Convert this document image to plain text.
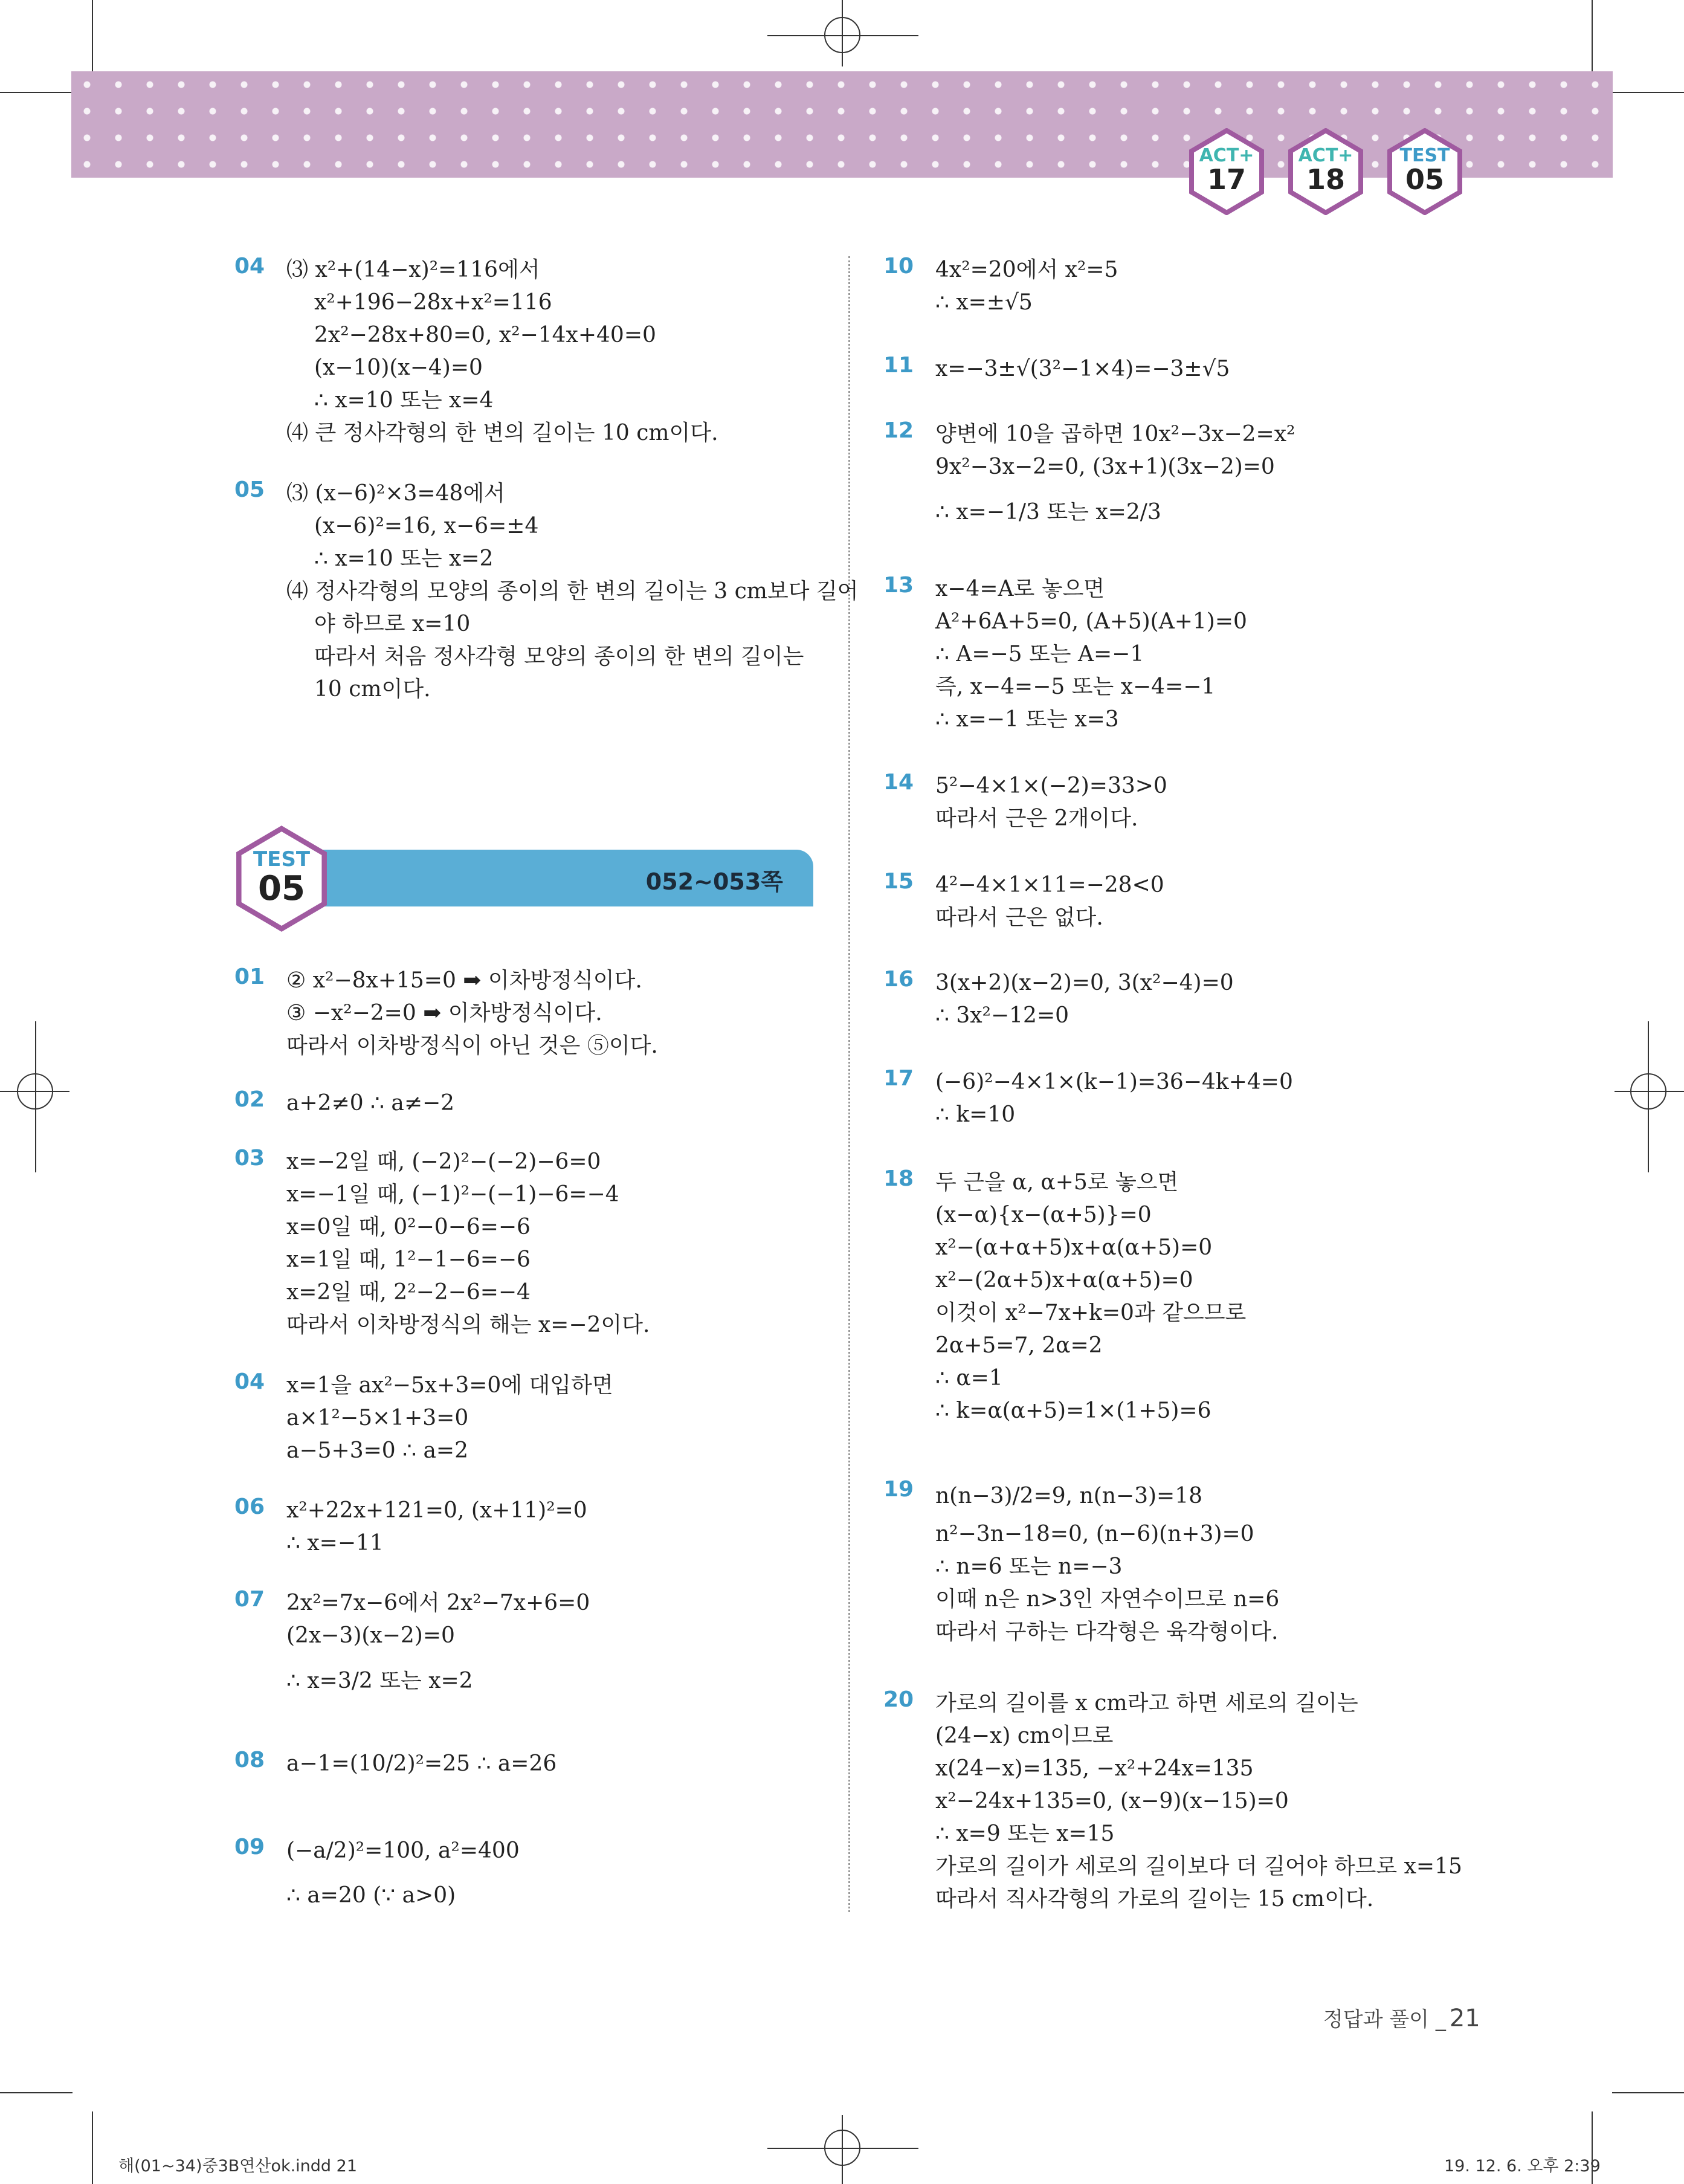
ACT+
17
ACT+
18
TEST
05
04 ⑶ x²+(14−x)²=116에서
x²+196−28x+x²=116
2x²−28x+80=0, x²−14x+40=0
(x−10)(x−4)=0
∴ x=10 또는 x=4
⑷ 큰 정사각형의 한 변의 길이는 10 cm이다.
05 ⑶ (x−6)²×3=48에서
(x−6)²=16, x−6=±4
∴ x=10 또는 x=2
⑷ 정사각형의 모양의 종이의 한 변의 길이는 3 cm보다 길어
야 하므로 x=10
따라서 처음 정사각형 모양의 종이의 한 변의 길이는
10 cm이다.
052~053쪽
TEST
05
01 ② x²−8x+15=0 ➡ 이차방정식이다.
③ −x²−2=0 ➡ 이차방정식이다.
따라서 이차방정식이 아닌 것은 ⑤이다.
02 a+2≠0 ∴ a≠−2
03 x=−2일 때, (−2)²−(−2)−6=0
x=−1일 때, (−1)²−(−1)−6=−4
x=0일 때, 0²−0−6=−6
x=1일 때, 1²−1−6=−6
x=2일 때, 2²−2−6=−4
따라서 이차방정식의 해는 x=−2이다.
04 x=1을 ax²−5x+3=0에 대입하면
a×1²−5×1+3=0
a−5+3=0 ∴ a=2
06 x²+22x+121=0, (x+11)²=0
∴ x=−11
07 2x²=7x−6에서 2x²−7x+6=0
(2x−3)(x−2)=0
∴ x=3/2 또는 x=2
08 a−1=(10/2)²=25 ∴ a=26
09 (−a/2)²=100, a²=400
∴ a=20 (∵ a>0)
10 4x²=20에서 x²=5
∴ x=±√5
11 x=−3±√(3²−1×4)=−3±√5
12 양변에 10을 곱하면 10x²−3x−2=x²
9x²−3x−2=0, (3x+1)(3x−2)=0
∴ x=−1/3 또는 x=2/3
13 x−4=A로 놓으면
A²+6A+5=0, (A+5)(A+1)=0
∴ A=−5 또는 A=−1
즉, x−4=−5 또는 x−4=−1
∴ x=−1 또는 x=3
14 5²−4×1×(−2)=33>0
따라서 근은 2개이다.
15 4²−4×1×11=−28<0
따라서 근은 없다.
16 3(x+2)(x−2)=0, 3(x²−4)=0
∴ 3x²−12=0
17 (−6)²−4×1×(k−1)=36−4k+4=0
∴ k=10
18 두 근을 α, α+5로 놓으면
(x−α){x−(α+5)}=0
x²−(α+α+5)x+α(α+5)=0
x²−(2α+5)x+α(α+5)=0
이것이 x²−7x+k=0과 같으므로
2α+5=7, 2α=2
∴ α=1
∴ k=α(α+5)=1×(1+5)=6
19 n(n−3)/2=9, n(n−3)=18
n²−3n−18=0, (n−6)(n+3)=0
∴ n=6 또는 n=−3
이때 n은 n>3인 자연수이므로 n=6
따라서 구하는 다각형은 육각형이다.
20 가로의 길이를 x cm라고 하면 세로의 길이는
(24−x) cm이므로
x(24−x)=135, −x²+24x=135
x²−24x+135=0, (x−9)(x−15)=0
∴ x=9 또는 x=15
가로의 길이가 세로의 길이보다 더 길어야 하므로 x=15
따라서 직사각형의 가로의 길이는 15 cm이다.
정답과 풀이 _ 21
해(01~34)중3B연산ok.indd 21	19. 12. 6. 오후 2:39
